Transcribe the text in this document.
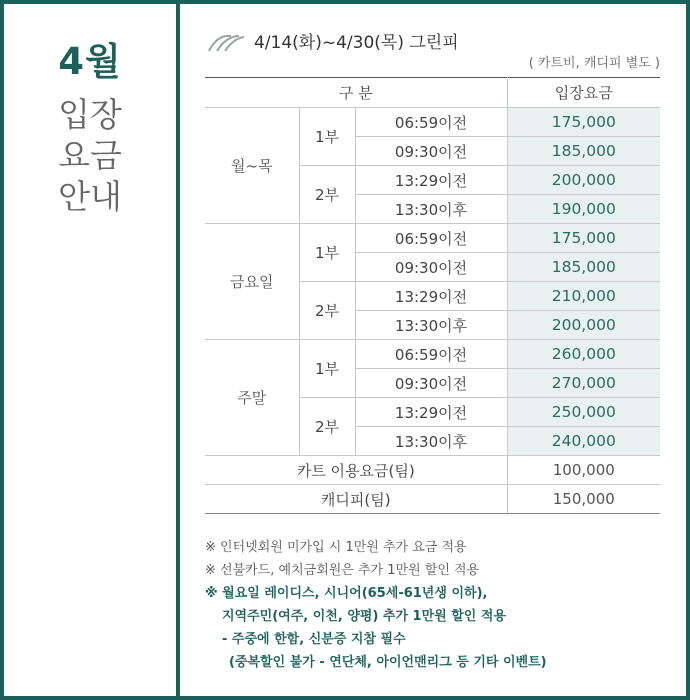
4월
입장
요금
안내
4/14(화)~4/30(목) 그린피
( 카트비, 캐디피 별도 )
구 분			입장요금
월~목	1부	06:59이전	175,000
		09:30이전	185,000
	2부	13:29이전	200,000
		13:30이후	190,000
금요일	1부	06:59이전	175,000
		09:30이전	185,000
	2부	13:29이전	210,000
		13:30이후	200,000
주말	1부	06:59이전	260,000
		09:30이전	270,000
	2부	13:29이전	250,000
		13:30이후	240,000
카트 이용요금(팀)			100,000
캐디피(팀)			150,000
※ 인터넷회원 미가입 시 1만원 추가 요금 적용
※ 선불카드, 예치금회원은 추가 1만원 할인 적용
※ 월요일 레이디스, 시니어(65세-61년생 이하),
지역주민(여주, 이천, 양평) 추가 1만원 할인 적용
- 주중에 한함, 신분증 지참 필수
(중복할인 불가 - 연단체, 아이언맨리그 등 기타 이벤트)
